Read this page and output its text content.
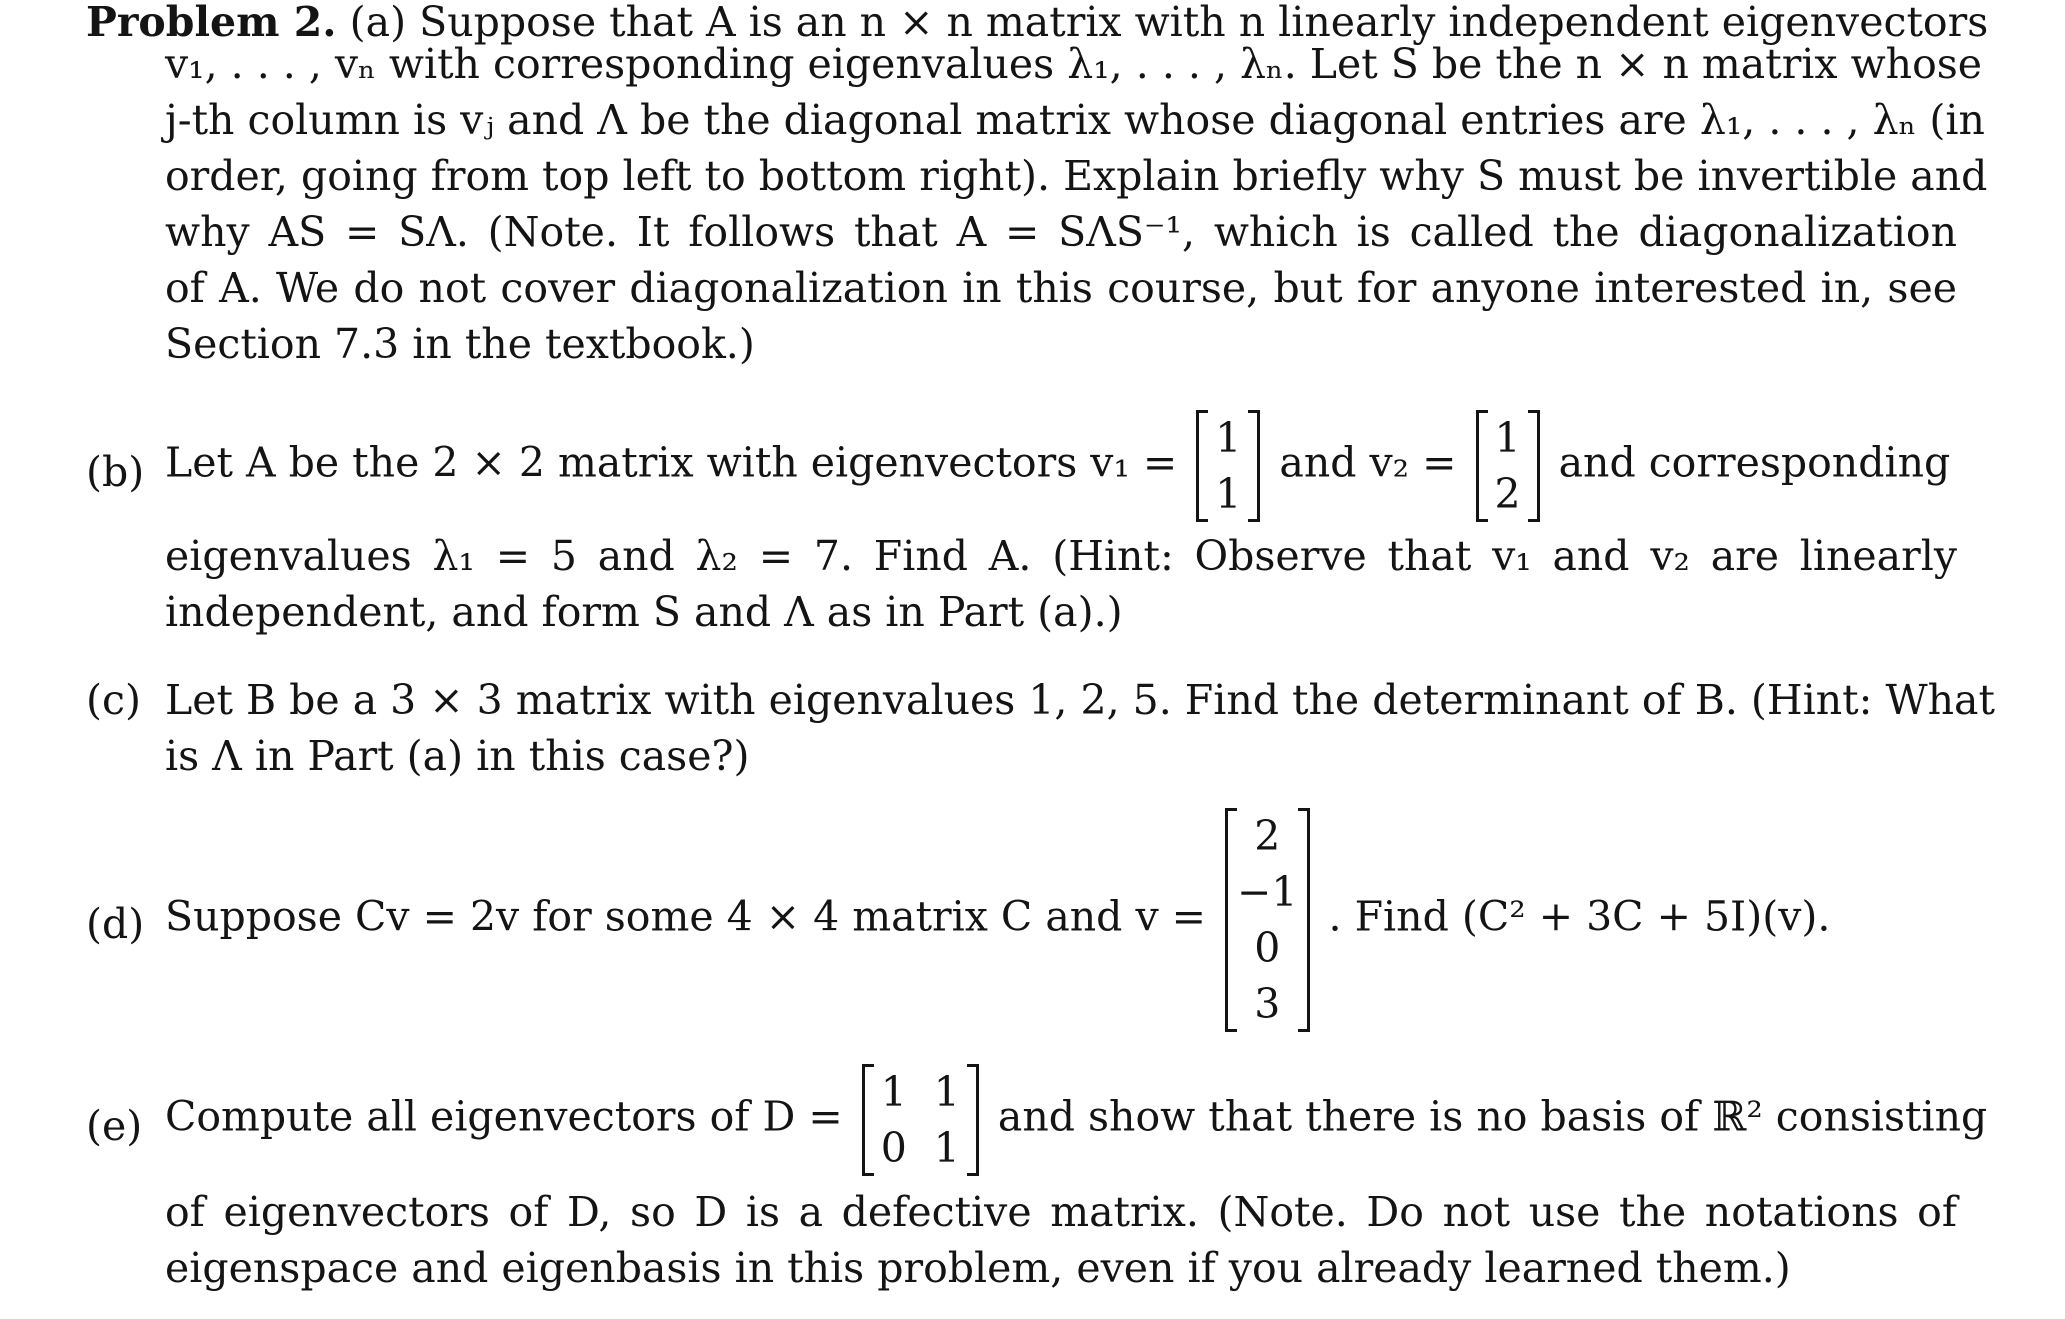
Problem 2. (a) Suppose that A is an n × n matrix with n linearly independent eigenvectors
v₁, . . . , vₙ with corresponding eigenvalues λ₁, . . . , λₙ. Let S be the n × n matrix whose
j-th column is vⱼ and Λ be the diagonal matrix whose diagonal entries are λ₁, . . . , λₙ (in
order, going from top left to bottom right). Explain briefly why S must be invertible and
why AS = SΛ. (Note. It follows that A = SΛS⁻¹, which is called the diagonalization
of A. We do not cover diagonalization in this course, but for anyone interested in, see
Section 7.3 in the textbook.)
(b) Let A be the 2 × 2 matrix with eigenvectors v₁ =
1
1
and v₂ =
1
2
and corresponding
eigenvalues λ₁ = 5 and λ₂ = 7. Find A. (Hint: Observe that v₁ and v₂ are linearly
independent, and form S and Λ as in Part (a).)
(c) Let B be a 3 × 3 matrix with eigenvalues 1, 2, 5. Find the determinant of B. (Hint: What
is Λ in Part (a) in this case?)
(d) Suppose Cv = 2v for some 4 × 4 matrix C and v =
2
−1
0
3
. Find (C² + 3C + 5I)(v).
(e) Compute all eigenvectors of D =
1 1
0 1
and show that there is no basis of ℝ² consisting
of eigenvectors of D, so D is a defective matrix. (Note. Do not use the notations of
eigenspace and eigenbasis in this problem, even if you already learned them.)
